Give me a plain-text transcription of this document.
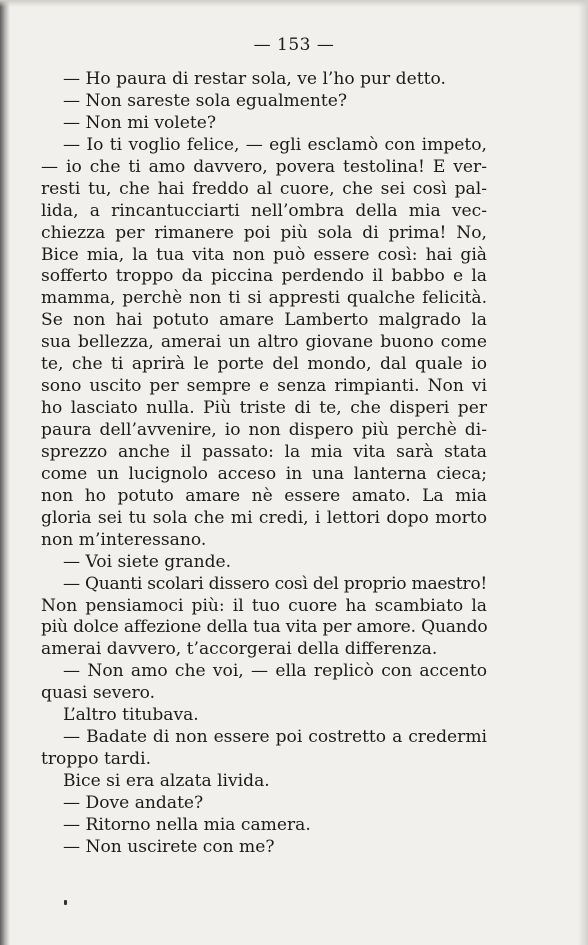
— 153 —
— Ho paura di restar sola, ve l’ho pur detto.
— Non sareste sola egualmente?
— Non mi volete?
— Io ti voglio felice, — egli esclamò con impeto,
— io che ti amo davvero, povera testolina! E ver-
resti tu, che hai freddo al cuore, che sei così pal-
lida, a rincantucciarti nell’ombra della mia vec-
chiezza per rimanere poi più sola di prima! No,
Bice mia, la tua vita non può essere così: hai già
sofferto troppo da piccina perdendo il babbo e la
mamma, perchè non ti si appresti qualche felicità.
Se non hai potuto amare Lamberto malgrado la
sua bellezza, amerai un altro giovane buono come
te, che ti aprirà le porte del mondo, dal quale io
sono uscito per sempre e senza rimpianti. Non vi
ho lasciato nulla. Più triste di te, che disperi per
paura dell’avvenire, io non dispero più perchè di-
sprezzo anche il passato: la mia vita sarà stata
come un lucignolo acceso in una lanterna cieca;
non ho potuto amare nè essere amato. La mia
gloria sei tu sola che mi credi, i lettori dopo morto
non m’interessano.
— Voi siete grande.
— Quanti scolari dissero così del proprio maestro!
Non pensiamoci più: il tuo cuore ha scambiato la
più dolce affezione della tua vita per amore. Quando
amerai davvero, t’accorgerai della differenza.
— Non amo che voi, — ella replicò con accento
quasi severo.
L’altro titubava.
— Badate di non essere poi costretto a credermi
troppo tardi.
Bice si era alzata livida.
— Dove andate?
— Ritorno nella mia camera.
— Non uscirete con me?
